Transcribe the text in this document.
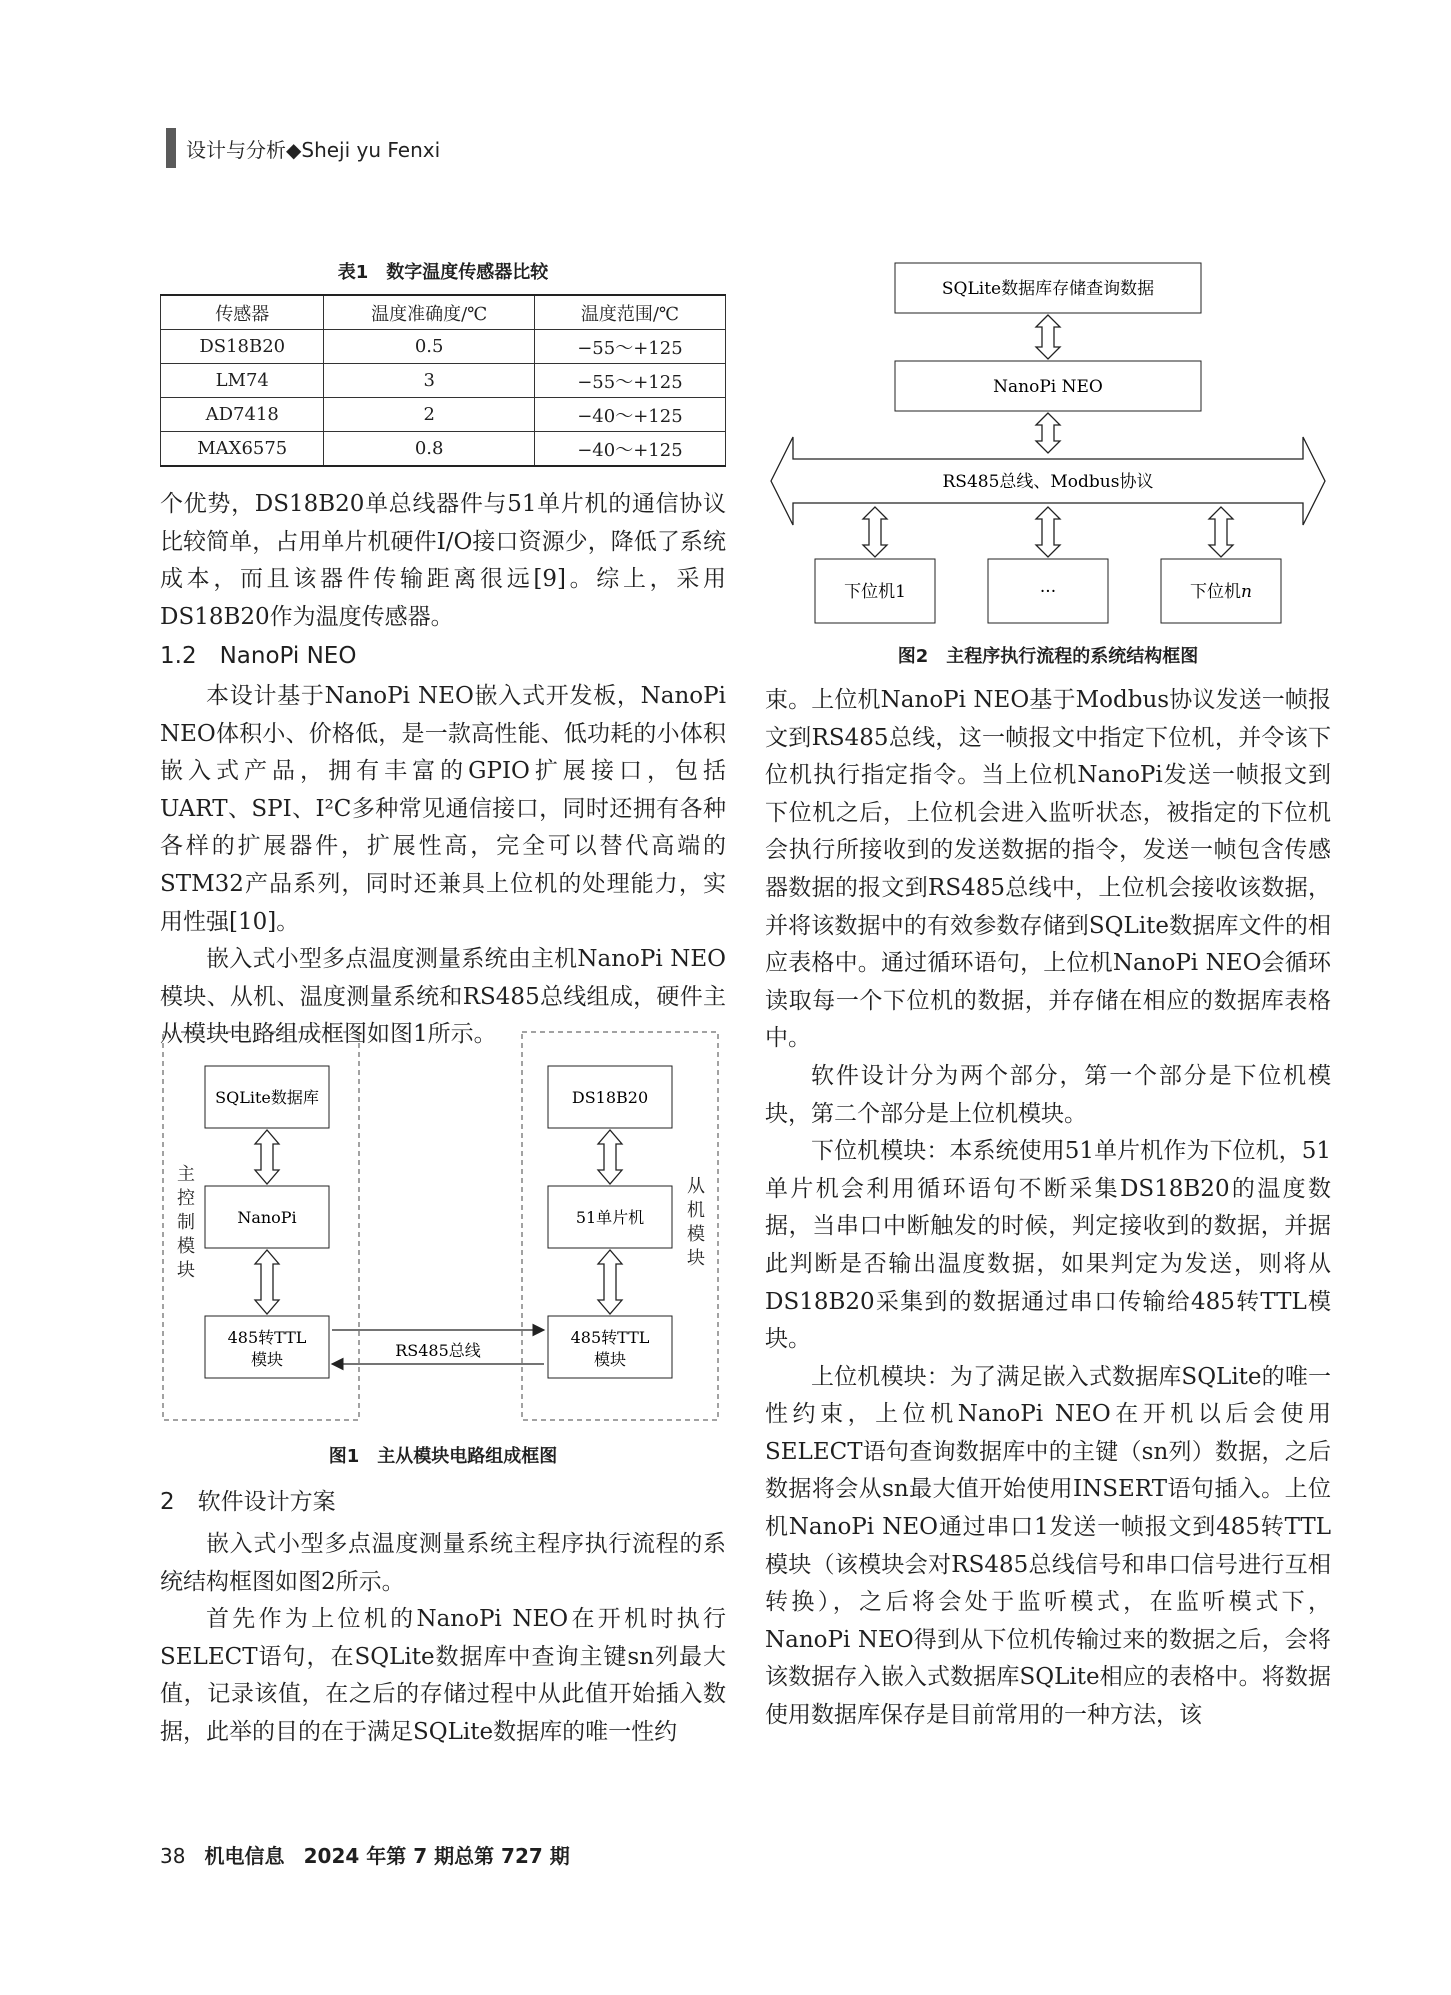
设计与分析◆Sheji yu Fenxi
表1　数字温度传感器比较
传感器	温度准确度/℃	温度范围/℃
DS18B20	0.5	−55～+125
LM74	3	−55～+125
AD7418	2	−40～+125
MAX6575	0.8	−40～+125

个优势，DS18B20单总线器件与51单片机的通信协议比较简单，占用单片机硬件I/O接口资源少，降低了系统成本，而且该器件传输距离很远[9]。综上，采用DS18B20作为温度传感器。

1.2　NanoPi NEO

本设计基于NanoPi NEO嵌入式开发板，NanoPi NEO体积小、价格低，是一款高性能、低功耗的小体积嵌入式产品，拥有丰富的GPIO扩展接口，包括UART、SPI、I²C多种常见通信接口，同时还拥有各种各样的扩展器件，扩展性高，完全可以替代高端的STM32产品系列，同时还兼具上位机的处理能力，实用性强[10]。

嵌入式小型多点温度测量系统由主机NanoPi NEO模块、从机、温度测量系统和RS485总线组成，硬件主从模块电路组成框图如图1所示。

主
控
制
模
块
从
机
模
块
SQLite数据库
NanoPi
485转TTL
模块
DS18B20
51单片机
485转TTL
模块
RS485总线
图1　主从模块电路组成框图

2　软件设计方案

嵌入式小型多点温度测量系统主程序执行流程的系统结构框图如图2所示。

首先作为上位机的NanoPi NEO在开机时执行SELECT语句，在SQLite数据库中查询主键sn列最大值，记录该值，在之后的存储过程中从此值开始插入数据，此举的目的在于满足SQLite数据库的唯一性约

SQLite数据库存储查询数据
NanoPi NEO
RS485总线、Modbus协议
下位机1	···	下位机n
图2　主程序执行流程的系统结构框图

束。上位机NanoPi NEO基于Modbus协议发送一帧报文到RS485总线，这一帧报文中指定下位机，并令该下位机执行指定指令。当上位机NanoPi发送一帧报文到下位机之后，上位机会进入监听状态，被指定的下位机会执行所接收到的发送数据的指令，发送一帧包含传感器数据的报文到RS485总线中，上位机会接收该数据，并将该数据中的有效参数存储到SQLite数据库文件的相应表格中。通过循环语句，上位机NanoPi NEO会循环读取每一个下位机的数据，并存储在相应的数据库表格中。

软件设计分为两个部分，第一个部分是下位机模块，第二个部分是上位机模块。

下位机模块：本系统使用51单片机作为下位机，51单片机会利用循环语句不断采集DS18B20的温度数据，当串口中断触发的时候，判定接收到的数据，并据此判断是否输出温度数据，如果判定为发送，则将从DS18B20采集到的数据通过串口传输给485转TTL模块。

上位机模块：为了满足嵌入式数据库SQLite的唯一性约束，上位机NanoPi NEO在开机以后会使用SELECT语句查询数据库中的主键（sn列）数据，之后数据将会从sn最大值开始使用INSERT语句插入。上位机NanoPi NEO通过串口1发送一帧报文到485转TTL模块（该模块会对RS485总线信号和串口信号进行互相转换），之后将会处于监听模式，在监听模式下，NanoPi NEO得到从下位机传输过来的数据之后，会将该数据存入嵌入式数据库SQLite相应的表格中。将数据使用数据库保存是目前常用的一种方法，该

38 机电信息 2024 年第 7 期总第 727 期
